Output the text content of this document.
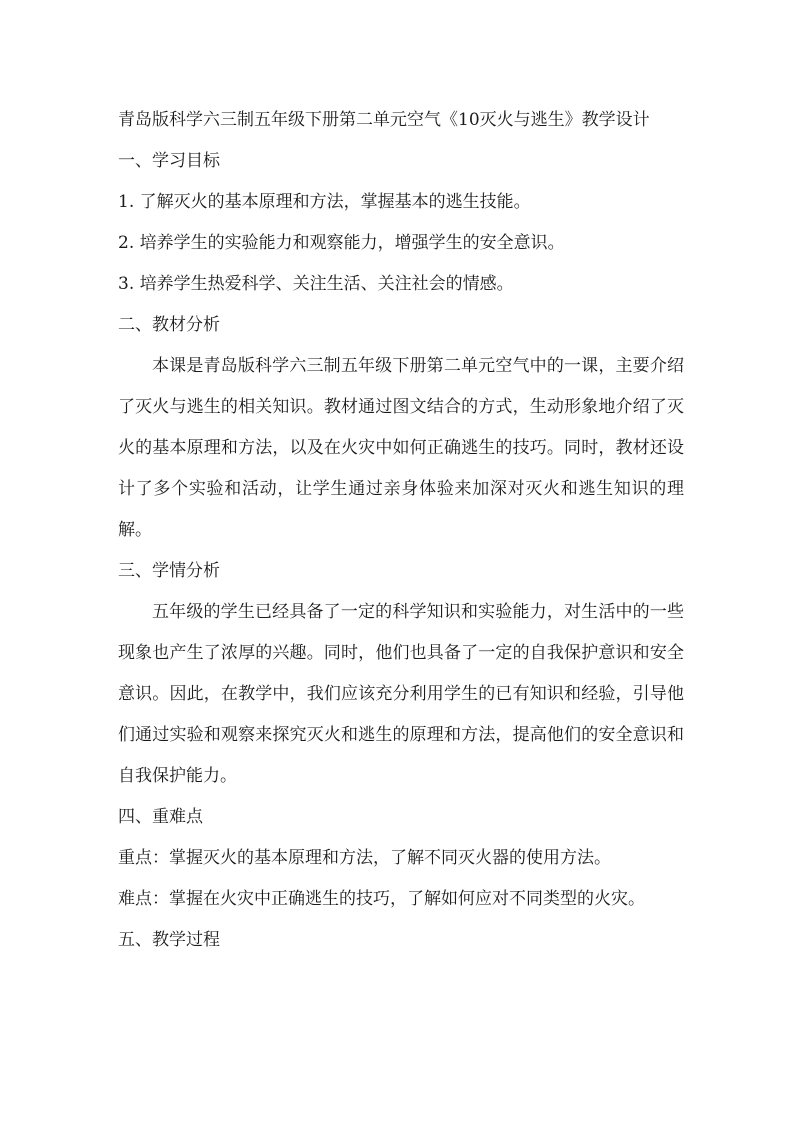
青岛版科学六三制五年级下册第二单元空气《10灭火与逃生》教学设计

一、学习目标

1. 了解灭火的基本原理和方法，掌握基本的逃生技能。

2. 培养学生的实验能力和观察能力，增强学生的安全意识。

3. 培养学生热爱科学、关注生活、关注社会的情感。

二、教材分析

本课是青岛版科学六三制五年级下册第二单元空气中的一课，主要介绍了灭火与逃生的相关知识。教材通过图文结合的方式，生动形象地介绍了灭火的基本原理和方法，以及在火灾中如何正确逃生的技巧。同时，教材还设计了多个实验和活动，让学生通过亲身体验来加深对灭火和逃生知识的理解。

三、学情分析

五年级的学生已经具备了一定的科学知识和实验能力，对生活中的一些现象也产生了浓厚的兴趣。同时，他们也具备了一定的自我保护意识和安全意识。因此，在教学中，我们应该充分利用学生的已有知识和经验，引导他们通过实验和观察来探究灭火和逃生的原理和方法，提高他们的安全意识和自我保护能力。

四、重难点

重点：掌握灭火的基本原理和方法，了解不同灭火器的使用方法。

难点：掌握在火灾中正确逃生的技巧，了解如何应对不同类型的火灾。

五、教学过程
